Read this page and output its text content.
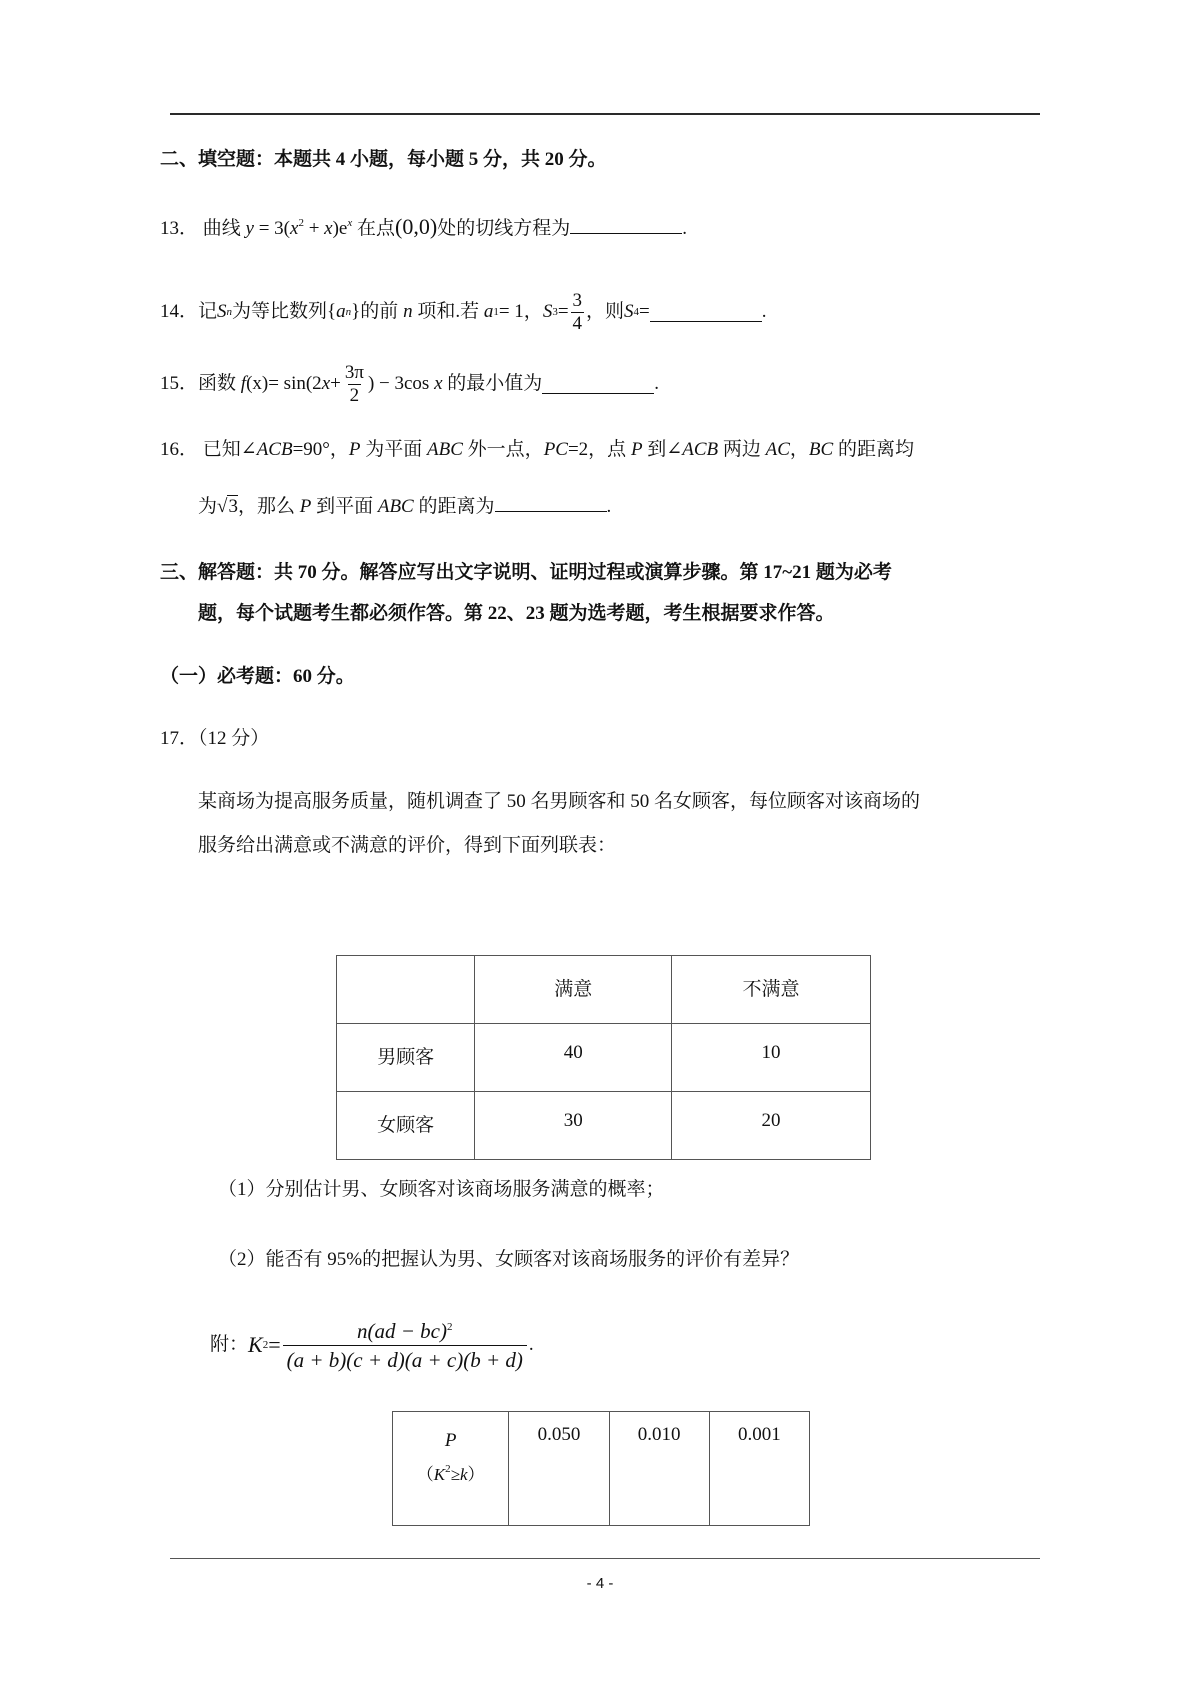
二、填空题：本题共 4 小题，每小题 5 分，共 20 分。
13． 曲线 $y = 3(x^2 + x)e^x$ 在点(0,0)处的切线方程为	.
14． 记 S n 为等比数列 { a n } 的前
n
项和.若
a 1 = 1 ， S $3 = \frac{3}{4}$ ，则 S 4 =	.
15． 函数
f (x) = sin(2 $x + \frac{3\pi}{2}$ ) − 3cos
x
的最小值为	.
16． 已知∠ACB=90°，P 为平面 ABC 外一点，PC=2，点 P 到∠ACB 两边 AC，BC 的距离均
为√3，那么 P 到平面 ABC 的距离为	.
三、解答题：共 70 分。解答应写出文字说明、证明过程或演算步骤。第 17~21 题为必考
题，每个试题考生都必须作答。第 22、23 题为选考题，考生根据要求作答。
（一）必考题：60 分。
17．（12 分）
某商场为提高服务质量，随机调查了 50 名男顾客和 50 名女顾客，每位顾客对该商场的
服务给出满意或不满意的评价，得到下面列联表：
	满意	不满意
男顾客	40	10
女顾客	30	20
（1）分别估计男、女顾客对该商场服务满意的概率；
（2）能否有 95%的把握认为男、女顾客对该商场服务的评价有差异？
附： K $2 = \frac{n(ad - bc)^2}{(a + b)(c + d)(a + c)(b + d)}$ .
P
$(K^2\ge k)$
	0.050	0.010	0.001
- 4 -
